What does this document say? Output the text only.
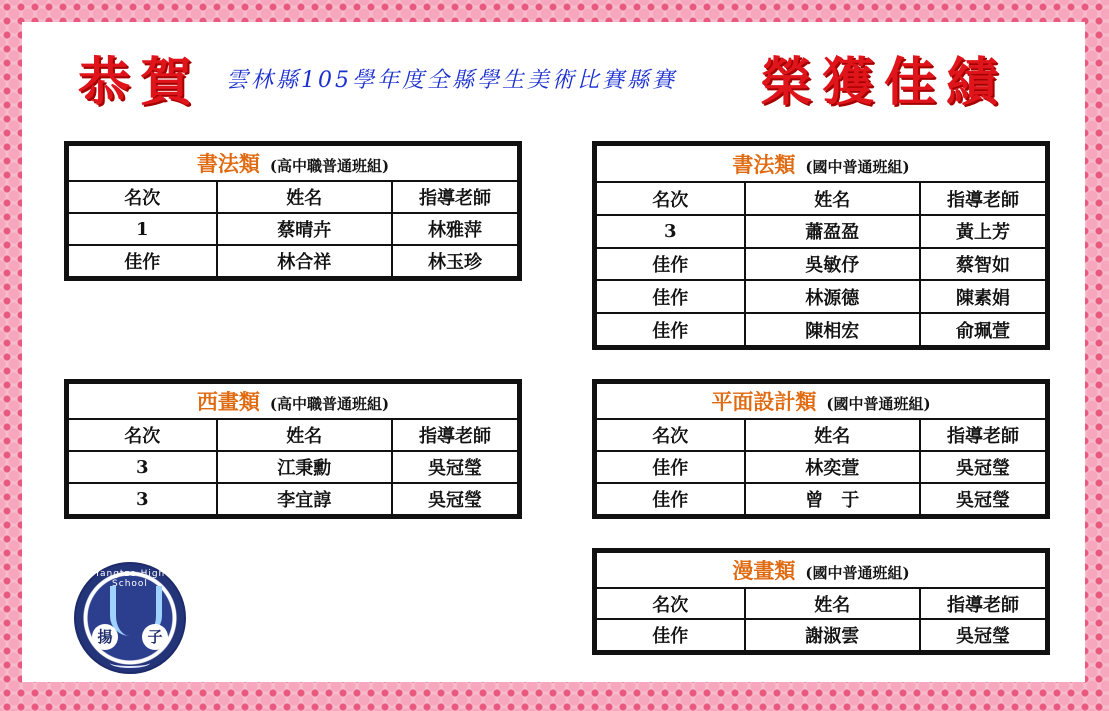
恭賀 雲林縣105學年度全縣學生美術比賽縣賽 榮獲佳績
書法類 (高中職普通班組)		
名次	姓名	指導老師
1	蔡晴卉	林雅萍
佳作	林合祥	林玉珍
書法類 (國中普通班組)		
名次	姓名	指導老師
3	蕭盈盈	黃上芳
佳作	吳敏伃	蔡智如
佳作	林源德	陳素娟
佳作	陳相宏	俞珮萱
西畫類 (高中職普通班組)		
名次	姓名	指導老師
3	江秉勳	吳冠瑩
3	李宜諄	吳冠瑩
平面設計類 (國中普通班組)		
名次	姓名	指導老師
佳作	林奕萱	吳冠瑩
佳作	曾　于	吳冠瑩
漫畫類 (國中普通班組)		
名次	姓名	指導老師
佳作	謝淑雲	吳冠瑩
Yangtze High School
揚	子
